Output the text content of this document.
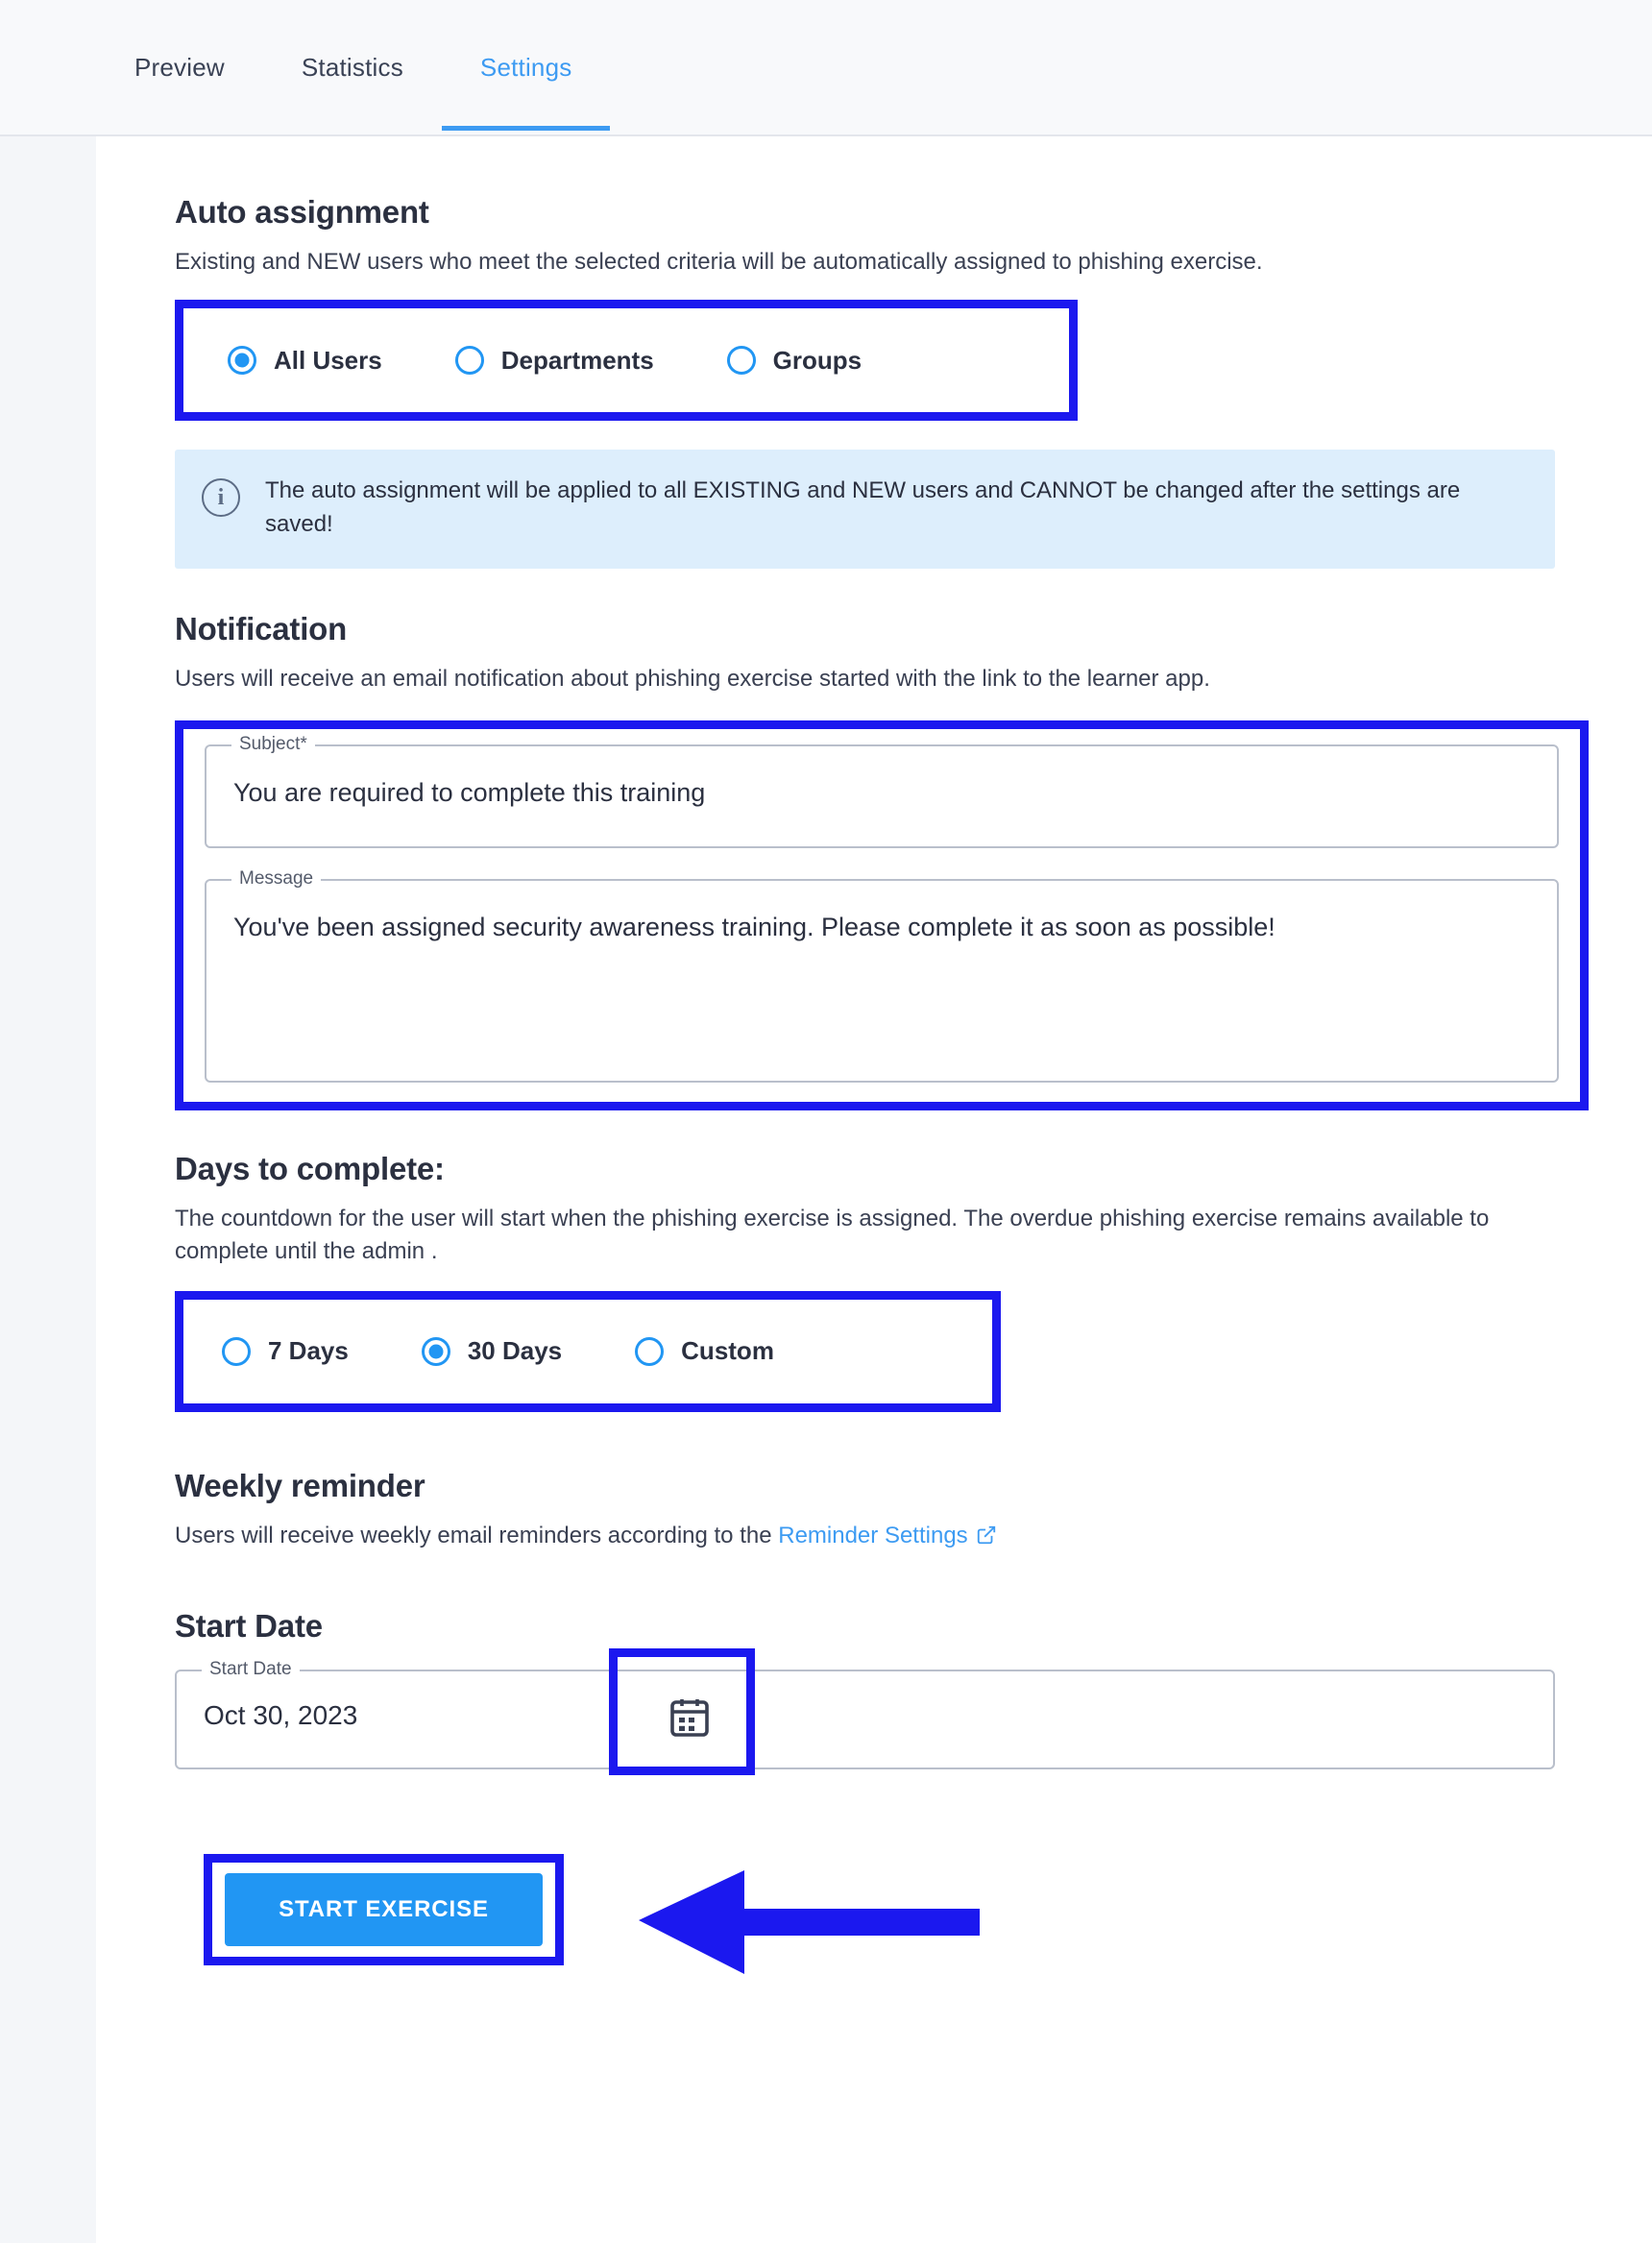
Preview	Statistics	Settings
Auto assignment

Existing and NEW users who meet the selected criteria will be automatically assigned to phishing exercise.

All Users	Departments	Groups
i	The auto assignment will be applied to all EXISTING and NEW users and CANNOT be changed after the settings are saved!
Notification

Users will receive an email notification about phishing exercise started with the link to the learner app.

Subject*
You are required to complete this training
Message
You've been assigned security awareness training. Please complete it as soon as possible!
Days to complete:

The countdown for the user will start when the phishing exercise is assigned. The overdue phishing exercise remains available to complete until the admin .

7 Days	30 Days	Custom
Weekly reminder

Users will receive weekly email reminders according to the Reminder Settings

Start Date
Start Date
Oct 30, 2023
START EXERCISE
